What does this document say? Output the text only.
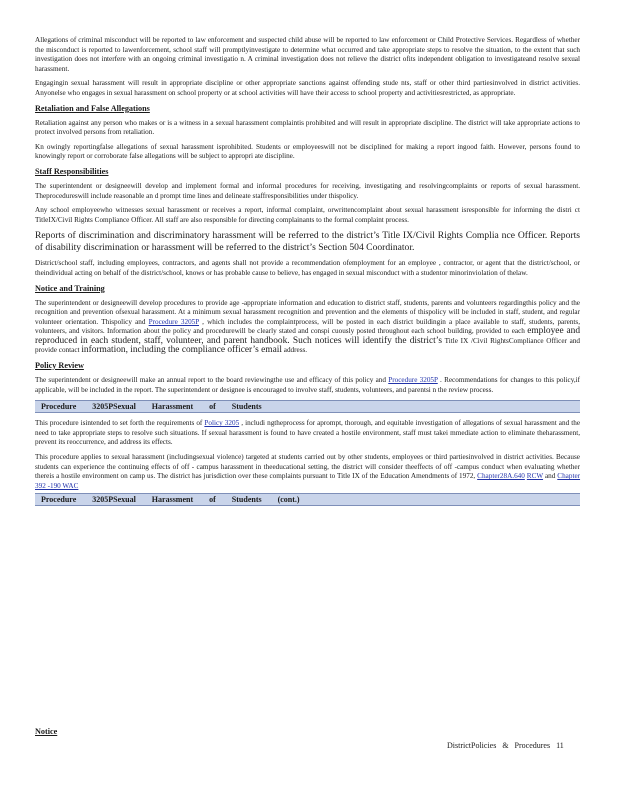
Allegations of criminal misconduct will be reported to law enforcement and suspected child abuse will be reported to law enforcement or Child Protective Services. Regardless of whether the misconduct is reported to lawenforcement, school staff will promptlyinvestigate to determine what occurred and take appropriate steps to resolve the situation, to the extent that such investigation does not interfere with an ongoing criminal investigatio n. A criminal investigation does not relieve the district ofits independent obligation to investigateand resolve sexual harassment.

Engagingin sexual harassment will result in appropriate discipline or other appropriate sanctions against offending stude nts, staff or other third partiesinvolved in district activities. Anyonelse who engages in sexual harassment on school property or at school activities will have their access to school property and activitiesrestricted, as appropriate.

Retaliation and False Allegations

Retaliation against any person who makes or is a witness in a sexual harassment complaintis prohibited and will result in appropriate discipline. The district will take appropriate actions to protect involved persons from retaliation.

Kn owingly reportingfalse allegations of sexual harassment isprohibited. Students or employeeswill not be disciplined for making a report ingood faith. However, persons found to knowingly report or corroborate false allegations will be subject to appropri ate discipline.

Staff Responsibilities

The superintendent or designeewill develop and implement formal and informal procedures for receiving, investigating and resolvingcomplaints or reports of sexual harassment. Theprocedureswill include reasonable an d prompt time lines and delineate staffresponsibilities under thispolicy.

Any school employeewho witnesses sexual harassment or receives a report, informal complaint, orwrittencomplaint about sexual harassment isresponsible for informing the distri ct TitleIX/Civil Rights Compliance Officer. All staff are also responsible for directing complainants to the formal complaint process.

Reports of discrimination and discriminatory harassment will be referred to the district’s Title IX/Civil Rights Complia nce Officer. Reports of disability discrimination or harassment will be referred to the district’s Section 504 Coordinator.

District/school staff, including employees, contractors, and agents shall not provide a recommendation ofemployment for an employee , contractor, or agent that the district/school, or theindividual acting on behalf of the district/school, knows or has probable cause to believe, has engaged in sexual misconduct with a studentor minorinviolation of thelaw.

Notice and Training

The superintendent or designeewill develop procedures to provide age -appropriate information and education to district staff, students, parents and volunteers regardingthis policy and the recognition and prevention ofsexual harassment. At a minimum sexual harassment recognition and prevention and the elements of thispolicy will be included in staff, student, and regular volunteer orientation. Thispolicy and Procedure 3205P , which includes the complaintprocess, will be posted in each district buildingin a place available to staff, students, parents, volunteers, and visitors. Information about the policy and procedurewill be clearly stated and conspi cuously posted throughout each school building, provided to each employee and reproduced in each student, staff, volunteer, and parent handbook. Such notices will identify the district’s Title IX /Civil RightsCompliance Officer and provide contact information, including the compliance officer’s email address.

Policy Review

The superintendent or designeewill make an annual report to the board reviewingthe use and efficacy of this policy and Procedure 3205P . Recommendations for changes to this policy,if applicable, will be included in the report. The superintendent or designee is encouraged to involve staff, students, volunteers, and parentsi n the review process.

Procedure 3205PSexual Harassment of Students

This procedure isintended to set forth the requirements of Policy 3205 , includi ngtheprocess for aprompt, thorough, and equitable investigation of allegations of sexual harassment and the need to take appropriate steps to resolve such situations. If sexual harassment is found to have created a hostile environment, staff must takei mmediate action to eliminate theharassment, prevent its reoccurrence, and address its effects.

This procedure applies to sexual harassment (includingsexual violence) targeted at students carried out by other students, employees or third partiesinvolved in district activities. Because students can experience the continuing effects of off - campus harassment in theeducational setting, the district will consider theeffects of off -campus conduct when evaluating whether thereis a hostile environment on camp us. The district has jurisdiction over these complaints pursuant to Title IX of the Education Amendments of 1972, Chapter28A.640 RCW and Chapter 392 -190 WAC

Procedure 3205PSexual Harassment of Students (cont.)
Notice
DistrictPolicies & Procedures 11
